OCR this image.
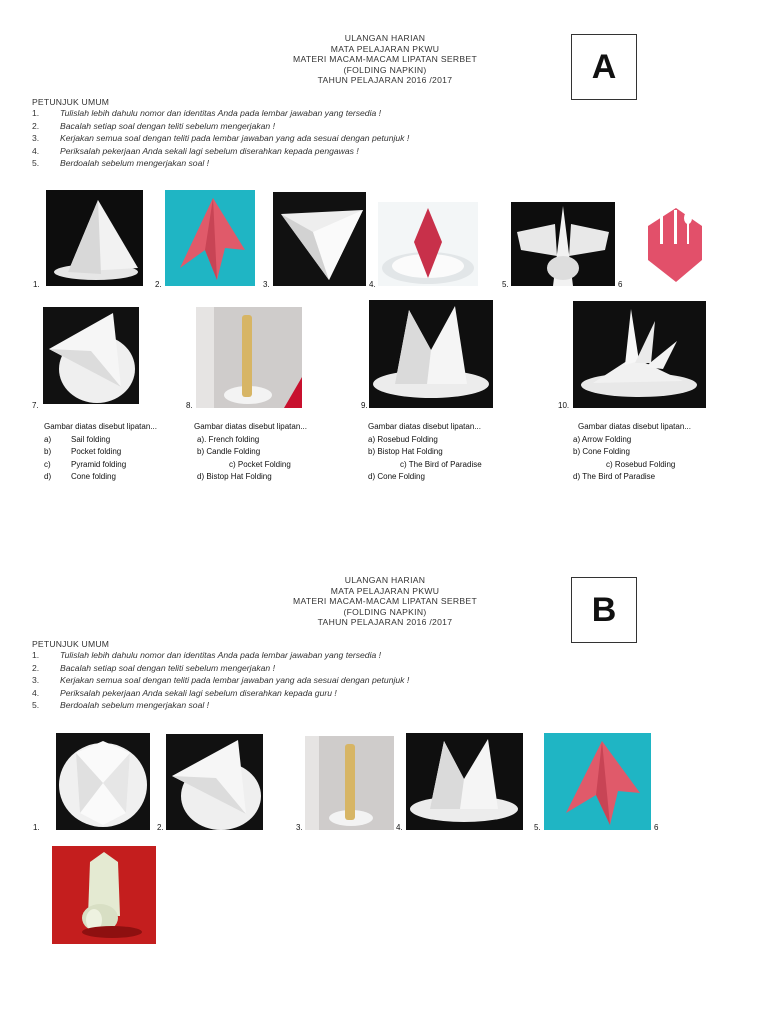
ULANGAN HARIAN
MATA PELAJARAN PKWU
MATERI MACAM-MACAM LIPATAN SERBET
(FOLDING NAPKIN)
TAHUN PELAJARAN 2016 /2017	A
PETUNJUK UMUM
1.	Tulislah lebih dahulu nomor dan identitas Anda pada lembar jawaban yang tersedia !
2.	Bacalah setiap soal dengan teliti sebelum mengerjakan !
3.	Kerjakan semua soal dengan teliti pada lembar jawaban yang ada sesuai dengan petunjuk !
4.	Periksalah pekerjaan Anda sekali lagi sebelum diserahkan kepada pengawas !
5.	Berdoalah sebelum mengerjakan soal !
1.	2.	3.	4.	5.	6
7.	8.	9.	10.
Gambar diatas disebut lipatan...
a) Sail folding
b) Pocket folding
c)	Pyramid folding
d) Cone folding
Gambar diatas disebut lipatan...
a). French folding
b) Candle Folding
c) Pocket Folding
d) Bistop Hat Folding
Gambar diatas disebut lipatan...
a) Rosebud Folding
b) Bistop Hat Folding
c) The Bird of Paradise
d) Cone Folding
Gambar diatas disebut lipatan...
a) Arrow Folding
b) Cone Folding
c) Rosebud Folding
d) The Bird of Paradise
ULANGAN HARIAN
MATA PELAJARAN PKWU
MATERI MACAM-MACAM LIPATAN SERBET
(FOLDING NAPKIN)
TAHUN PELAJARAN 2016 /2017	B
PETUNJUK UMUM
1.	Tulislah lebih dahulu nomor dan identitas Anda pada lembar jawaban yang tersedia !
2.	Bacalah setiap soal dengan teliti sebelum mengerjakan !
3.	Kerjakan semua soal dengan teliti pada lembar jawaban yang ada sesuai dengan petunjuk !
4.	Periksalah pekerjaan Anda sekali lagi sebelum diserahkan kepada guru !
5.	Berdoalah sebelum mengerjakan soal !
1.	2.	3.	4.	5.	6
